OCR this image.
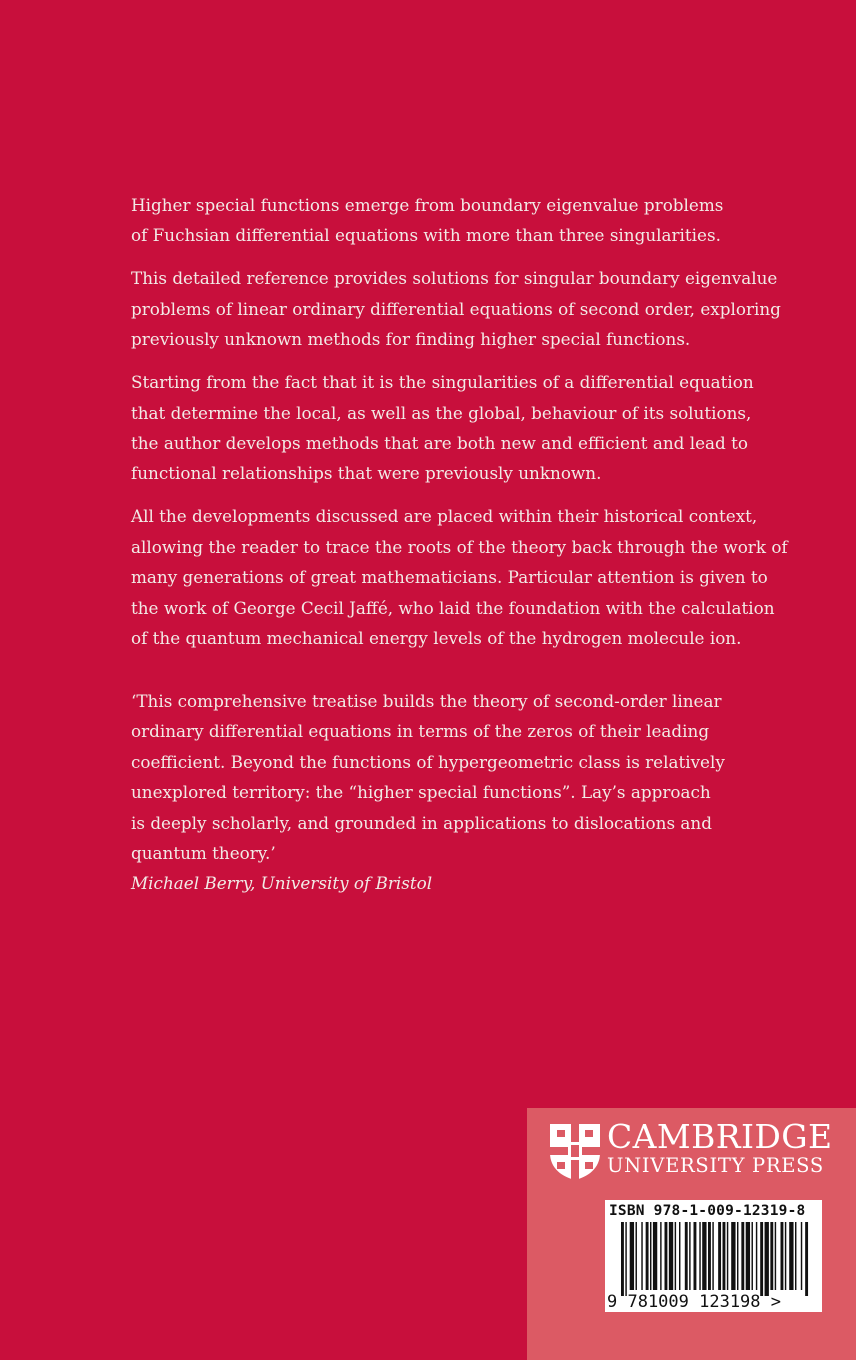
Higher special functions emerge from boundary eigenvalue problems
of Fuchsian differential equations with more than three singularities.

This detailed reference provides solutions for singular boundary eigenvalue
problems of linear ordinary differential equations of second order, exploring
previously unknown methods for finding higher special functions.

Starting from the fact that it is the singularities of a differential equation
that determine the local, as well as the global, behaviour of its solutions,
the author develops methods that are both new and efficient and lead to
functional relationships that were previously unknown.

All the developments discussed are placed within their historical context,
allowing the reader to trace the roots of the theory back through the work of
many generations of great mathematicians. Particular attention is given to
the work of George Cecil Jaffé, who laid the foundation with the calculation
of the quantum mechanical energy levels of the hydrogen molecule ion.

‘This comprehensive treatise builds the theory of second-order linear
ordinary differential equations in terms of the zeros of their leading
coefficient. Beyond the functions of hypergeometric class is relatively
unexplored territory: the “higher special functions”. Lay’s approach
is deeply scholarly, and grounded in applications to dislocations and
quantum theory.’

Michael Berry, University of Bristol

CAMBRIDGE
UNIVERSITY PRESS
ISBN 978-1-009-12319-8
9 781009 123198 >
